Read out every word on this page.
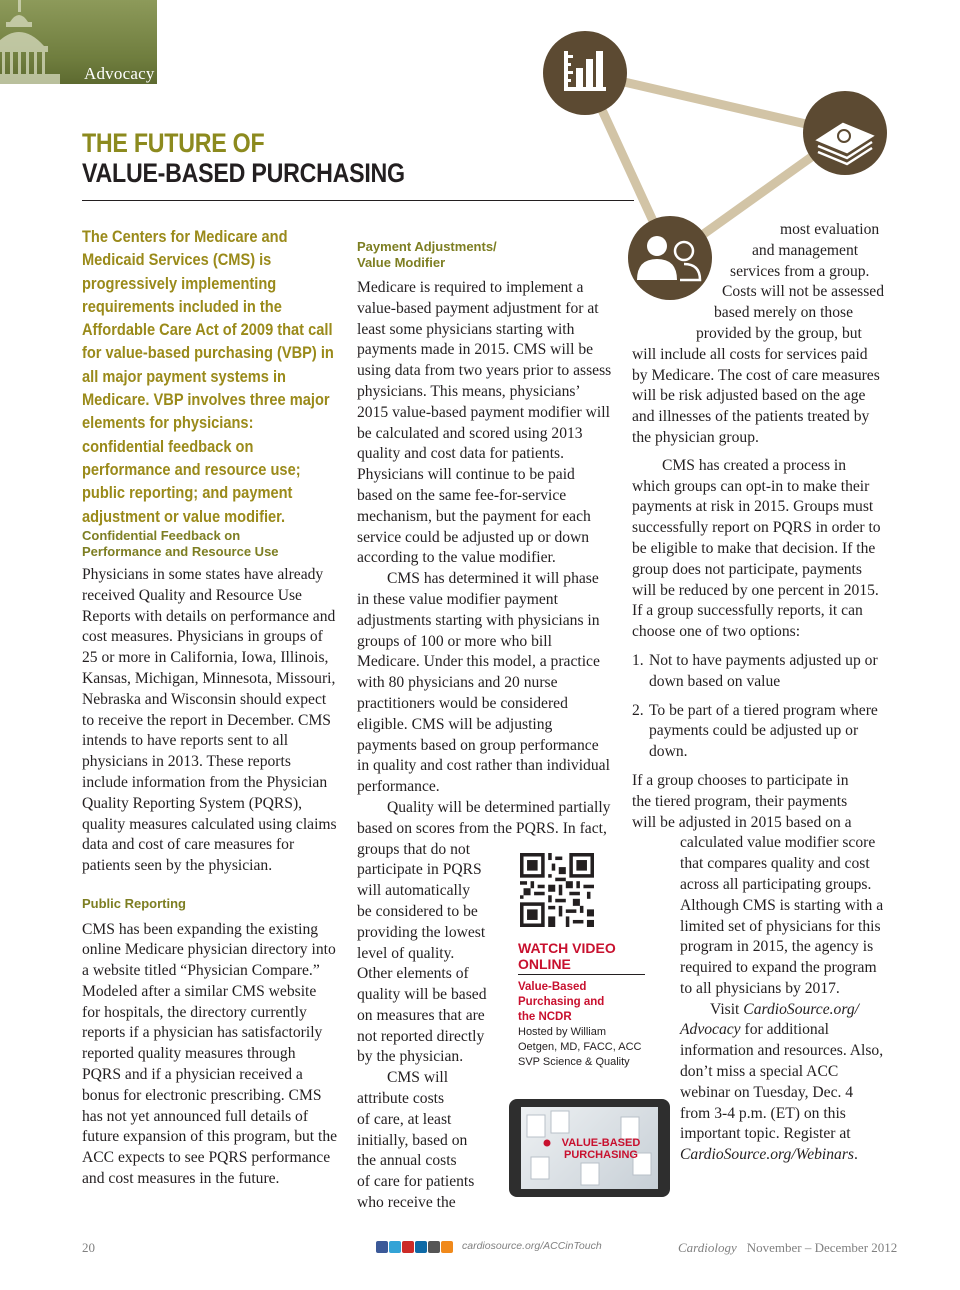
Advocacy
THE FUTURE OF
VALUE-BASED PURCHASING
The Centers for Medicare and Medicaid Services (CMS) is progressively implementing requirements included in the Affordable Care Act of 2009 that call for value-based purchasing (VBP) in all major payment systems in Medicare. VBP involves three major elements for physicians: confidential feedback on performance and resource use; public reporting; and payment adjustment or value modifier.
Confidential Feedback on
Performance and Resource Use
Physicians in some states have already received Quality and Resource Use Reports with details on performance and cost measures. Physicians in groups of 25 or more in California, Iowa, Illinois, Kansas, Michigan, Minnesota, Missouri, Nebraska and Wisconsin should expect to receive the report in December. CMS intends to have reports sent to all physicians in 2013. These reports include information from the Physician Quality Reporting System (PQRS), quality measures calculated using claims data and cost of care measures for patients seen by the physician.
Public Reporting
CMS has been expanding the existing online Medicare physician directory into a website titled “Physician Compare.” Modeled after a similar CMS website for hospitals, the directory currently reports if a physician has satisfactorily reported quality measures through PQRS and if a physician received a bonus for electronic prescribing. CMS has not yet announced full details of future expansion of this program, but the ACC expects to see PQRS performance and cost measures in the future.
Payment Adjustments/
Value Modifier
Medicare is required to implement a value-based payment adjustment for at least some physicians starting with payments made in 2015. CMS will be using data from two years prior to assess physicians. This means, physicians’ 2015 value-based payment modifier will be calculated and scored using 2013 quality and cost data for patients. Physicians will continue to be paid based on the same fee-for-service mechanism, but the payment for each service could be adjusted up or down according to the value modifier.
CMS has determined it will phase in these value modifier payment adjustments starting with physicians in groups of 100 or more who bill Medicare. Under this model, a practice with 80 physicians and 20 nurse practitioners would be considered eligible. CMS will be adjusting payments based on group performance in quality and cost rather than individual performance.
Quality will be determined partially
based on scores from the PQRS. In fact,
groups that do not
participate in PQRS
will automatically
be considered to be
providing the lowest
level of quality.
Other elements of
quality will be based
on measures that are
not reported directly
by the physician.
CMS will
attribute costs
of care, at least
initially, based on
the annual costs
of care for patients
who receive the
WATCH VIDEO
ONLINE
Value-Based
Purchasing and
the NCDR
Hosted by William
Oetgen, MD, FACC, ACC
SVP Science & Quality
VALUE-BASED
PURCHASING
most evaluation
and management
services from a group.
Costs will not be assessed
based merely on those
provided by the group, but
will include all costs for services paid
by Medicare. The cost of care measures
will be risk adjusted based on the age
and illnesses of the patients treated by
the physician group.
CMS has created a process in which groups can opt-in to make their payments at risk in 2015. Groups must successfully report on PQRS in order to be eligible to make that decision. If the group does not participate, payments will be reduced by one percent in 2015. If a group successfully reports, it can choose one of two options:
1. Not to have payments adjusted up or down based on value
2. To be part of a tiered program where payments could be adjusted up or down.
If a group chooses to participate in
the tiered program, their payments
will be adjusted in 2015 based on a
calculated value modifier score that compares quality and cost across all participating groups. Although CMS is starting with a limited set of physicians for this program in 2015, the agency is required to expand the program to all physicians by 2017.
Visit CardioSource.org/ Advocacy for additional information and resources. Also, don’t miss a special ACC webinar on Tuesday, Dec. 4 from 3-4 p.m. (ET) on this important topic. Register at CardioSource.org/Webinars.
20	cardiosource.org/ACCinTouch	Cardiology November – December 2012
